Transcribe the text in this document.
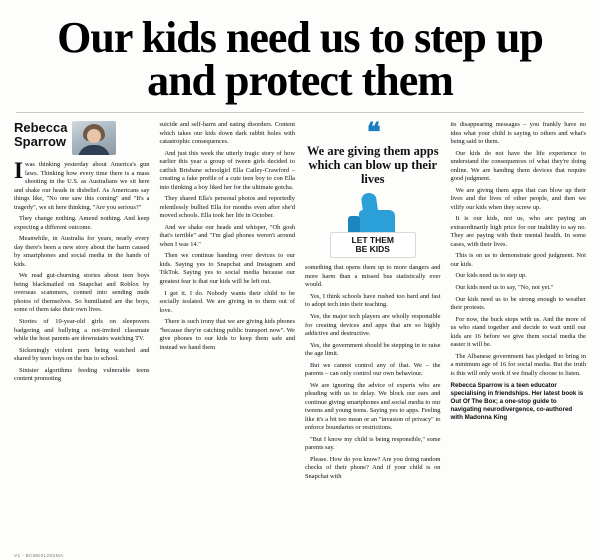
Our kids need us to step up and protect them
Rebecca
Sparrow

Iwas thinking yesterday about America's gun laws. Thinking how every time there is a mass shooting in the U.S. as Australians we sit here and shake our heads in disbelief. As Americans say things like, "No one saw this coming" and "It's a tragedy", we sit here thinking, "Are you serious?"

They change nothing. Amend nothing. And keep expecting a different outcome.

Meanwhile, in Australia for years, nearly every day there's been a new story about the harm caused by smartphones and social media in the hands of kids.

We read gut-churning stories about teen boys being blackmailed on Snapchat and Roblox by overseas scammers, conned into sending nude photos of themselves. So humiliated are the boys, some of them take their own lives.

Stories of 10-year-old girls on sleepovers badgering and bullying a not-invited classmate while the host parents are downstairs watching TV.

Sickeningly violent porn being watched and shared by teen boys on the bus to school.

Sinister algorithms feeding vulnerable teens content promoting

suicide and self-harm and eating disorders. Content which takes our kids down dark rabbit holes with catastrophic consequences.

And just this week the utterly tragic story of how earlier this year a group of tween girls decided to catfish Brisbane schoolgirl Ella Catley-Crawford – creating a fake profile of a cute teen boy to con Ella into thinking a boy liked her for the ultimate gotcha.

They shared Ella's personal photos and reportedly relentlessly bullied Ella for months even after she'd moved schools. Ella took her life in October.

And we shake our heads and whisper, "Oh gosh that's terrible" and "I'm glad phones weren't around when I was 14."

Then we continue handing over devices to our kids. Saying yes to Snapchat and Instagram and TikTok. Saying yes to social media because our greatest fear is that our kids will be left out.

I get it. I do. Nobody wants their child to be socially isolated. We are giving in to them out of love.

There is such irony that we are giving kids phones "because they're catching public transport now". We give phones to our kids to keep them safe and instead we hand them

❝
We are giving them apps which can blow up their lives
LET THEM
BE KIDS

something that opens them up to more dangers and more harm than a missed bus statistically ever would.

Yes, I think schools have rushed too hard and fast to adopt tech into their teaching.

Yes, the major tech players are wholly responsible for creating devices and apps that are so highly addictive and destructive.

Yes, the government should be stepping in to raise the age limit.

But we cannot control any of that. We – the parents – can only control our own behaviour.

We are ignoring the advice of experts who are pleading with us to delay. We block our ears and continue giving smartphones and social media to our tweens and young teens. Saying yes to apps. Feeling like it's a bit too mean or an "invasion of privacy" to enforce boundaries or restrictions.

"But I know my child is being responsible," some parents say.

Please. How do you know? Are you doing random checks of their phone? And if your child is on Snapchat with

its disappearing messages – you frankly have no idea what your child is saying to others and what's being said to them.

Our kids do not have the life experience to understand the consequences of what they're doing online. We are handing them devices that require good judgment.

We are giving them apps that can blow up their lives and the lives of other people, and then we vilify our kids when they screw up.

It is our kids, not us, who are paying an extraordinarily high price for our inability to say no. They are paying with their mental health. In some cases, with their lives.

This is on us to demonstrate good judgment. Not our kids.

Our kids need us to step up.

Our kids need us to say, "No, not yet."

Our kids need us to be strong enough to weather their protests.

For now, the buck stops with us. And the more of us who stand together and decide to wait until our kids are 16 before we give them social media the easier it will be.

The Albanese government has pledged to bring in a minimum age of 16 for social media. But the truth is this will only work if we finally choose to listen.

Rebecca Sparrow is a teen educator specialising in friendships. Her latest book is Out Of The Box; a one-stop guide to navigating neurodivergence, co-authored with Madonna King
V1 - BCME0125SMA
